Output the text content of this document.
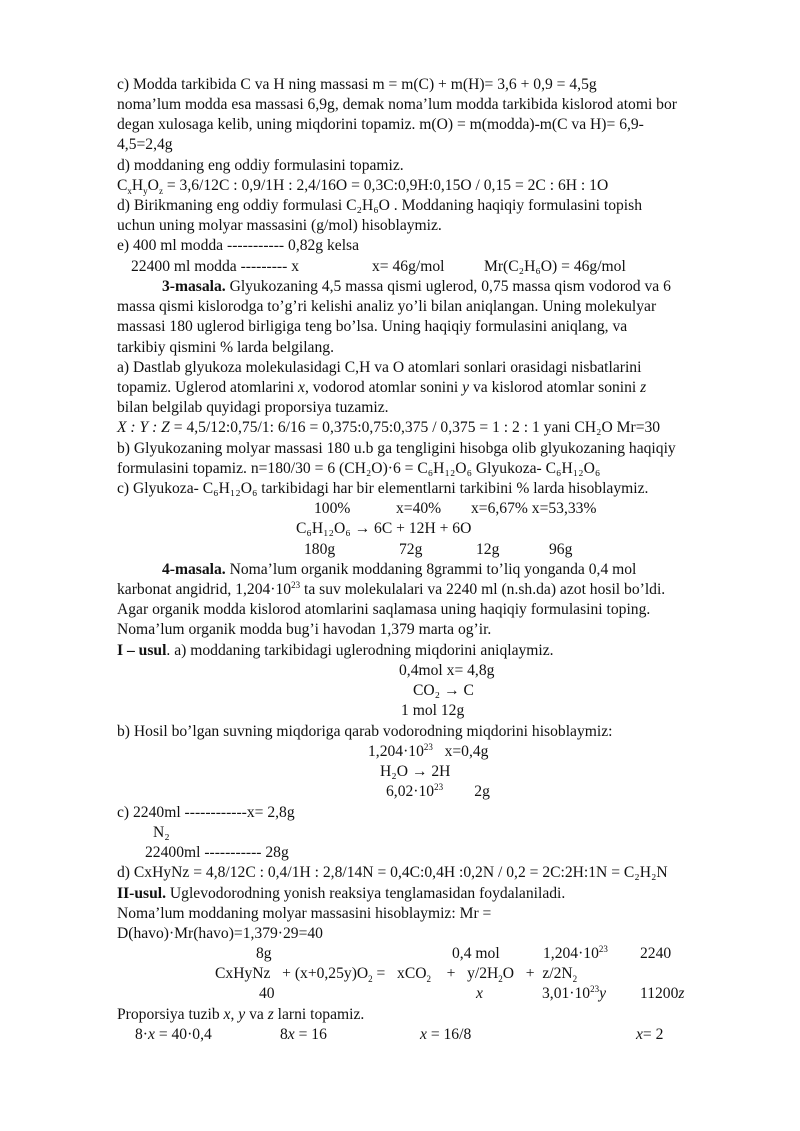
c) Modda tarkibida C va H ning massasi m = m(C) + m(H)= 3,6 + 0,9 = 4,5g
noma’lum modda esa massasi 6,9g, demak noma’lum modda tarkibida kislorod atomi bor
degan xulosaga kelib, uning miqdorini topamiz. m(O) = m(modda)-m(C va H)= 6,9-
4,5=2,4g
d) moddaning eng oddiy formulasini topamiz.
$C_xH_yO_z = 3,6/12C$ : 0,9/1H : 2,4/16O = 0,3C:0,9H:0,15O / 0,15 = 2C : 6H : 1O
d) Birikmaning eng oddiy formulasi C₂H₆O . Moddaning haqiqiy formulasini topish
uchun uning molyar massasini (g/mol) hisoblaymiz.
e) 400 ml modda ----------- 0,82g kelsa
22400 ml modda --------- x	x= 46g/mol	Mr(C₂H₆O) = 46g/mol
3-masala. Glyukozaning 4,5 massa qismi uglerod, 0,75 massa qism vodorod va 6
massa qismi kislorodga to’g’ri kelishi analiz yo’li bilan aniqlangan. Uning molekulyar
massasi 180 uglerod birligiga teng bo’lsa. Uning haqiqiy formulasini aniqlang, va
tarkibiy qismini % larda belgilang.
a) Dastlab glyukoza molekulasidagi C,H va O atomlari sonlari orasidagi nisbatlarini
topamiz. Uglerod atomlarini x, vodorod atomlar sonini y va kislorod atomlar sonini z
bilan belgilab quyidagi proporsiya tuzamiz.
X : Y : Z = 4,5/12:0,75/1: 6/16 = 0,375:0,75:0,375 / 0,375 = 1 : 2 : 1 yani CH₂O Mr=30
b) Glyukozaning molyar massasi 180 u.b ga tengligini hisobga olib glyukozaning haqiqiy
formulasini topamiz. n=180/30 = 6 (CH₂O)·6 = C₆H₁₂O₆ Glyukoza- C₆H₁₂O₆
c) Glyukoza- C₆H₁₂O₆ tarkibidagi har bir elementlarni tarkibini % larda hisoblaymiz.
100%	x=40% x=6,67% x=53,33%
C₆H₁₂O₆ → 6C + 12H + 6O
180g	72g	12g	96g
4-masala. Noma’lum organik moddaning 8grammi to’liq yonganda 0,4 mol
karbonat angidrid, $1,204\cdot 10^{23}$ ta suv molekulalari va 2240 ml (n.sh.da) azot hosil bo’ldi.
Agar organik modda kislorod atomlarini saqlamasa uning haqiqiy formulasini toping.
Noma’lum organik modda bug’i havodan 1,379 marta og’ir.
I – usul. a) moddaning tarkibidagi uglerodning miqdorini aniqlaymiz.
0,4mol x= 4,8g
CO₂ → C
1 mol 12g
b) Hosil bo’lgan suvning miqdoriga qarab vodorodning miqdorini hisoblaymiz:
$1,204\cdot 10^{23}$   x=0,4g
H₂O → 2H
$6,02\cdot 10^{23}$        2g
c) 2240ml ------------x= 2,8g
N₂
22400ml ----------- 28g
d) CxHyNz = 4,8/12C : 0,4/1H : 2,8/14N = 0,4C:0,4H :0,2N / 0,2 = 2C:2H:1N = C₂H₂N
II-usul. Uglevodorodning yonish reaksiya tenglamasidan foydalaniladi.
Noma’lum moddaning molyar massasini hisoblaymiz: Mr =
D(havo)·Mr(havo)=1,379·29=40
8g	0,4 mol	$1,204\cdot 10^{23}$ 2240
CxHyNz   + $(x+0,25y)O_2 = xCO_2$    +   $y/2H_2O + z/2N_2$
40	x	$3,01\cdot 10^{23}y$ 11200z
Proporsiya tuzib x, y va z larni topamiz.
8·x = 40·0,4	8x = 16	x = 16/8	x= 2
